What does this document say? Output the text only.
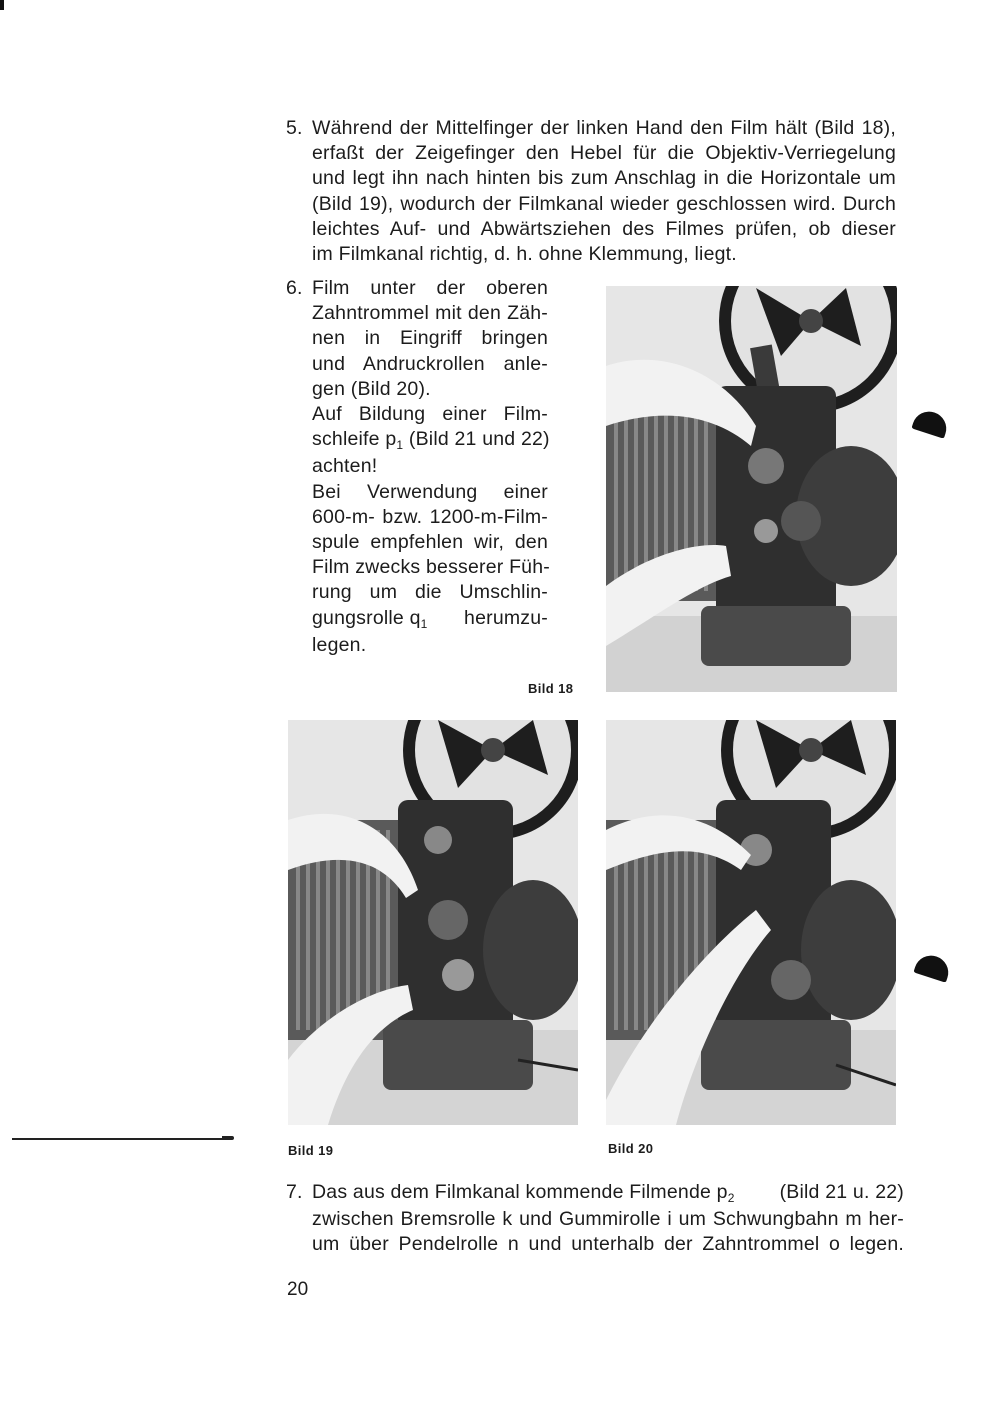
5. Während der Mittelfinger der linken Hand den Film hält (Bild 18),
erfaßt der Zeigefinger den Hebel für die Objektiv-Verriegelung
und legt ihn nach hinten bis zum Anschlag in die Horizontale um
(Bild 19), wodurch der Filmkanal wieder geschlossen wird. Durch
leichtes Auf- und Abwärtsziehen des Filmes prüfen, ob dieser
im Filmkanal richtig, d. h. ohne Klemmung, liegt.
6. Film unter der oberen
Zahntrommel mit den Zäh-
nen in Eingriff bringen
und Andruckrollen anle-
gen (Bild 20).
Auf Bildung einer Film-
schleife $p_1$ (Bild 21 und 22)
achten!
Bei Verwendung einer
600-m- bzw. 1200-m-Film-
spule empfehlen wir, den
Film zwecks besserer Füh-
rung um die Umschlin-
gungsrolle $q_1$ herumzu-
legen.
Bild 18
Bild 19	Bild 20
7. Das aus dem Filmkanal kommende Filmende $p_2$ (Bild 21 u. 22)
zwischen Bremsrolle k und Gummirolle i um Schwungbahn m her-
um über Pendelrolle n und unterhalb der Zahntrommel o legen.
20
